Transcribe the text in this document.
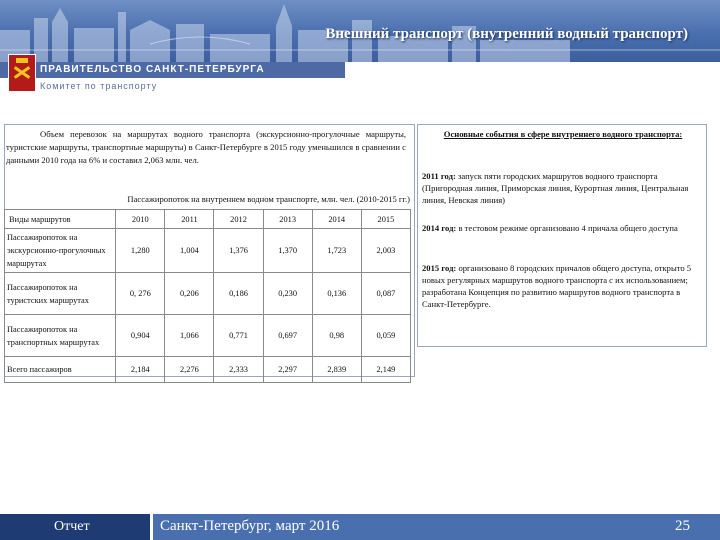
Внешний транспорт (внутренний водный транспорт)
ПРАВИТЕЛЬСТВО САНКТ-ПЕТЕРБУРГА
Комитет по транспорту
Объем перевозок на маршрутах водного транспорта (экскурсионно-прогулочные маршруты, туристские маршруты, транспортные маршруты) в Санкт-Петербурге в 2015 году уменьшился в сравнении с данными 2010 года на 6% и составил 2,063 млн. чел.
Пассажиропоток на внутреннем водном транспорте, млн. чел. (2010-2015 гг.)
Виды маршрутов	2010	2011	2012	2013	2014	2015
Пассажиропоток на экскурсионно-прогулочных маршрутах	1,280	1,004	1,376	1,370	1,723	2,003
Пассажиропоток на туристских маршрутах	0, 276	0,206	0,186	0,230	0,136	0,087
Пассажиропоток на транспортных маршрутах	0,904	1,066	0,771	0,697	0,98	0,059
Всего пассажиров	2,184	2,276	2,333	2,297	2,839	2,149
Основные события в сфере внутреннего водного транспорта:
2011 год: запуск пяти городских маршрутов водного транспорта (Пригородная линия, Приморская линия, Курортная линия, Центральная линия, Невская линия)
2014 год: в тестовом режиме организовано 4 причала общего доступа
2015 год: организовано 8 городских причалов общего доступа, открыто 5 новых регулярных маршрутов водного транспорта с их использованием; разработана Концепция по развитию маршрутов водного транспорта в Санкт-Петербурге.
Отчет	Санкт-Петербург, март 2016	25
